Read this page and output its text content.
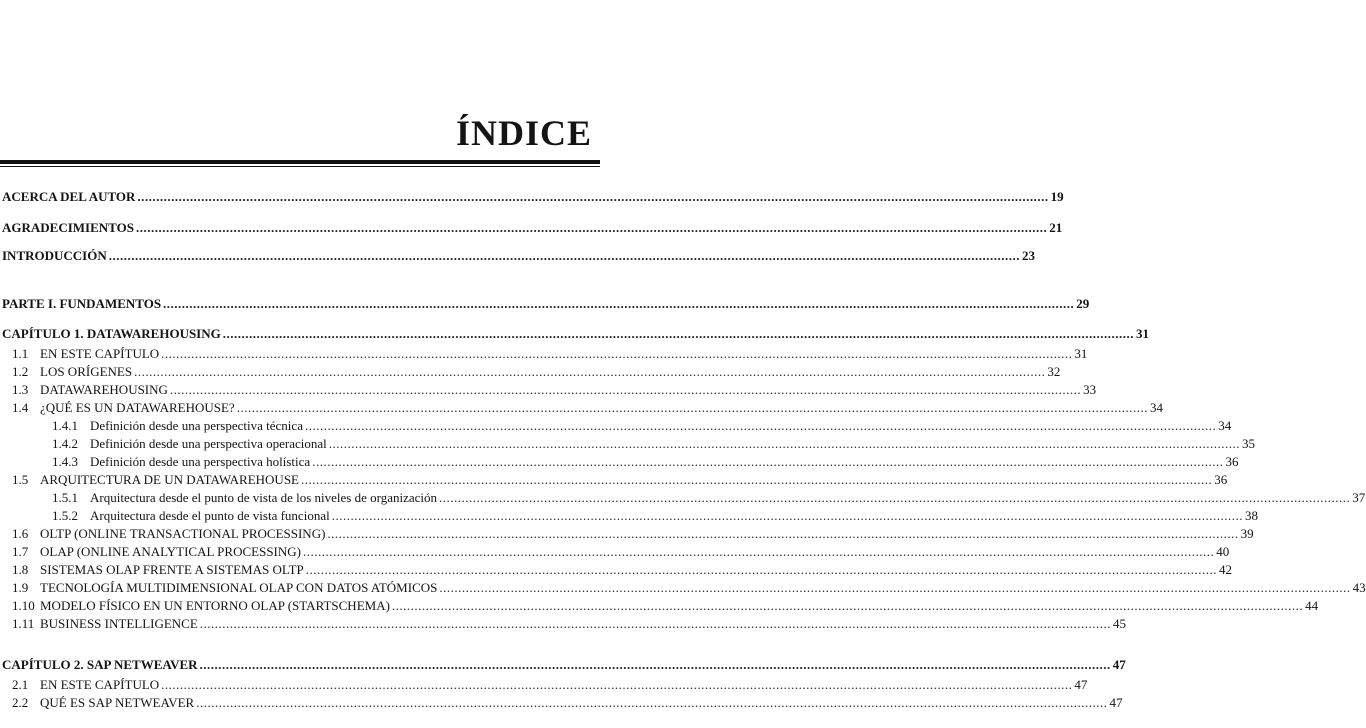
ÍNDICE
ACERCA DEL AUTOR ................................................................................................................................................................................................................................................... 19
AGRADECIMIENTOS ................................................................................................................................................................................................................................................... 21
INTRODUCCIÓN ................................................................................................................................................................................................................................................... 23
PARTE I. FUNDAMENTOS ................................................................................................................................................................................................................................................... 29
CAPÍTULO 1. DATAWAREHOUSING ................................................................................................................................................................................................................................................... 31
1.1 EN ESTE CAPÍTULO ................................................................................................................................................................................................................................................... 31
1.2 LOS ORÍGENES ................................................................................................................................................................................................................................................... 32
1.3 DATAWAREHOUSING ................................................................................................................................................................................................................................................... 33
1.4 ¿QUÉ ES UN DATAWAREHOUSE? ................................................................................................................................................................................................................................................... 34
1.4.1 Definición desde una perspectiva técnica ................................................................................................................................................................................................................................................... 34
1.4.2 Definición desde una perspectiva operacional ................................................................................................................................................................................................................................................... 35
1.4.3 Definición desde una perspectiva holística ................................................................................................................................................................................................................................................... 36
1.5 ARQUITECTURA DE UN DATAWAREHOUSE ................................................................................................................................................................................................................................................... 36
1.5.1 Arquitectura desde el punto de vista de los niveles de organización ................................................................................................................................................................................................................................................... 37
1.5.2 Arquitectura desde el punto de vista funcional ................................................................................................................................................................................................................................................... 38
1.6 OLTP (ONLINE TRANSACTIONAL PROCESSING) ................................................................................................................................................................................................................................................... 39
1.7 OLAP (ONLINE ANALYTICAL PROCESSING) ................................................................................................................................................................................................................................................... 40
1.8 SISTEMAS OLAP FRENTE A SISTEMAS OLTP ................................................................................................................................................................................................................................................... 42
1.9 TECNOLOGÍA MULTIDIMENSIONAL OLAP CON DATOS ATÓMICOS ................................................................................................................................................................................................................................................... 43
1.10 MODELO FÍSICO EN UN ENTORNO OLAP (STARTSCHEMA) ................................................................................................................................................................................................................................................... 44
1.11 BUSINESS INTELLIGENCE ................................................................................................................................................................................................................................................... 45
CAPÍTULO 2. SAP NETWEAVER ................................................................................................................................................................................................................................................... 47
2.1 EN ESTE CAPÍTULO ................................................................................................................................................................................................................................................... 47
2.2 QUÉ ES SAP NETWEAVER ................................................................................................................................................................................................................................................... 47
